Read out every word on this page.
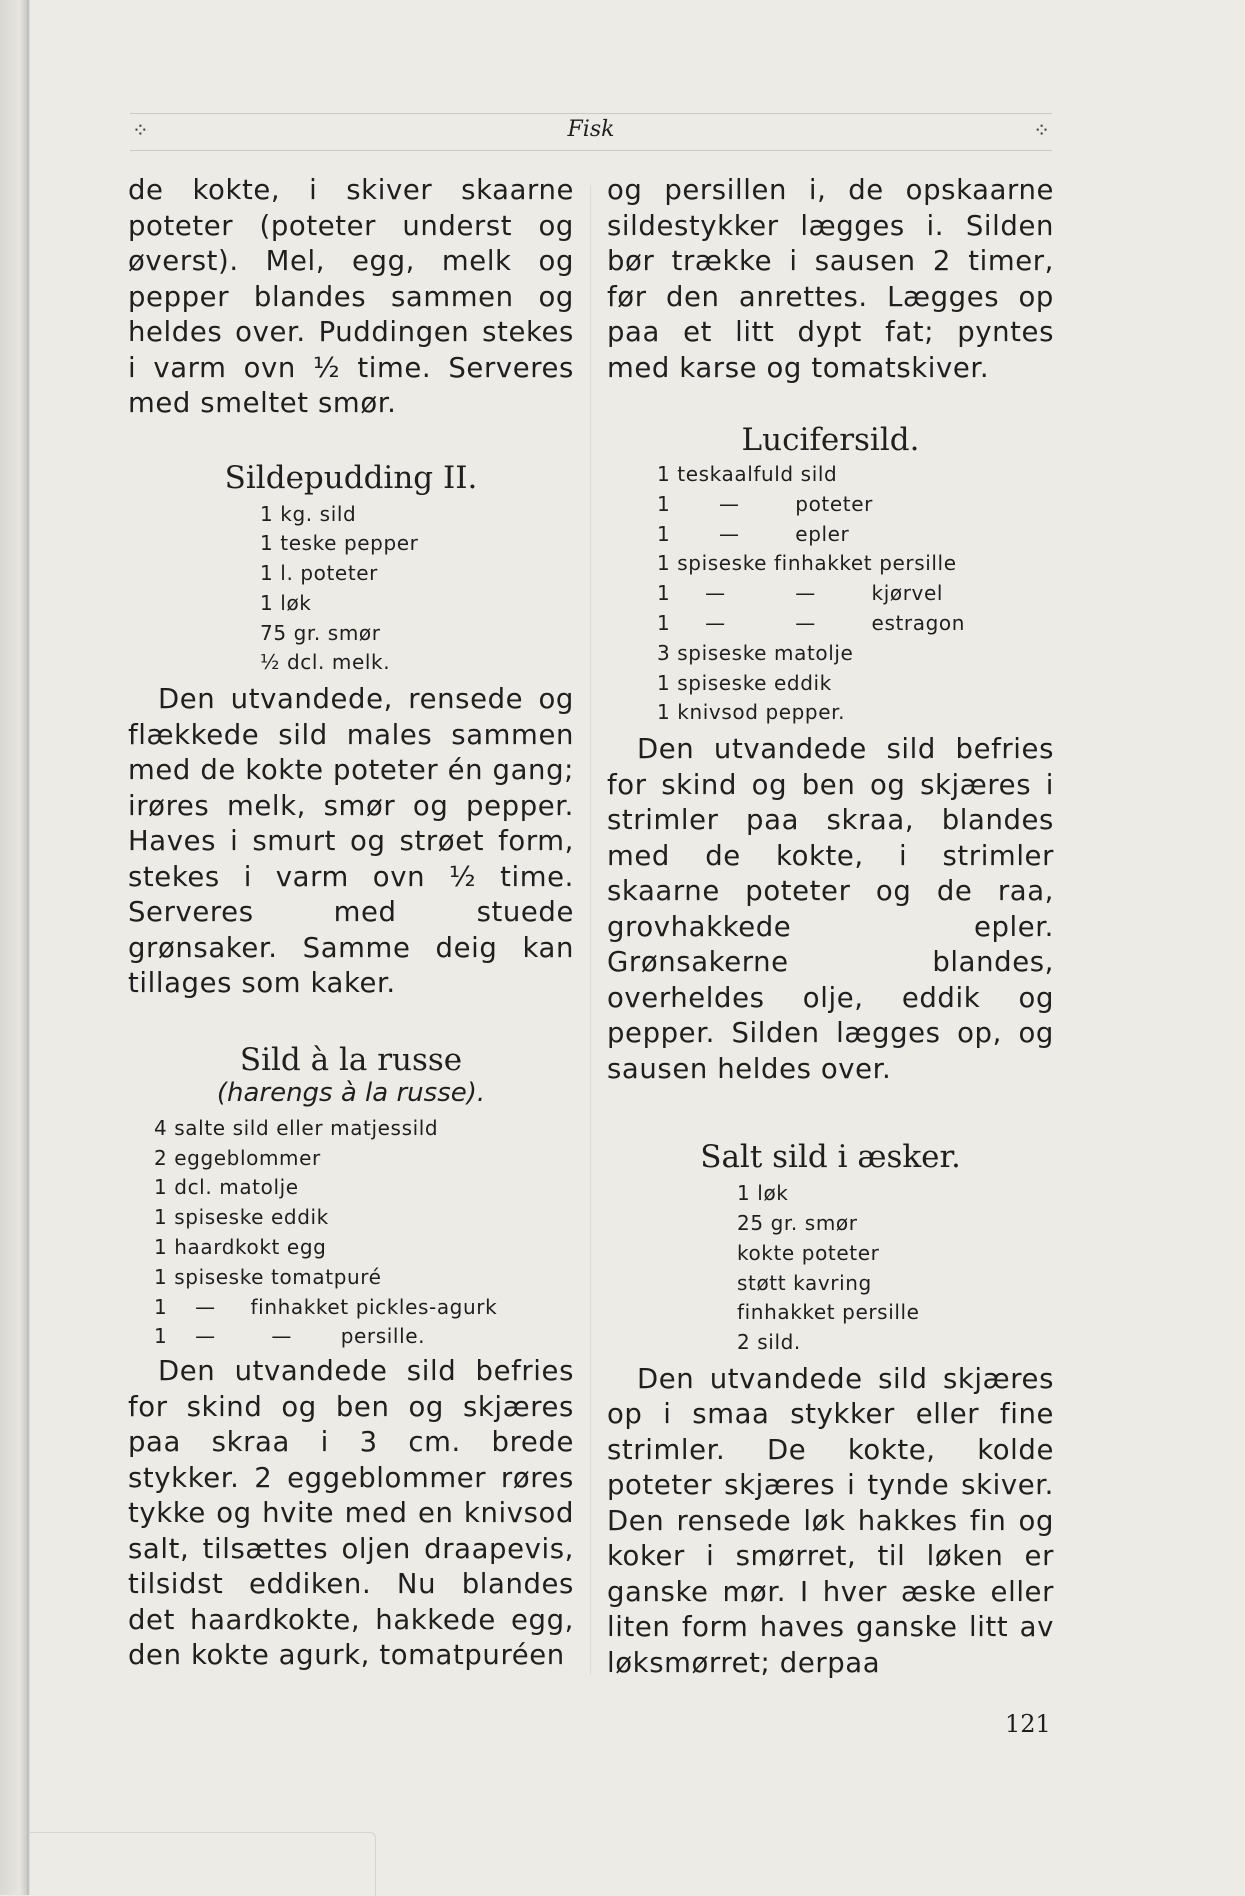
⁘	Fisk	⁘

de kokte, i skiver skaarne poteter (poteter underst og øverst). Mel, egg, melk og pepper blandes sammen og heldes over. Puddingen stekes i varm ovn ½ time. Serveres med smeltet smør.

Sildepudding II.
1 kg. sild
1 teske pepper
1 l. poteter
1 løk
75 gr. smør
½ dcl. melk.

Den utvandede, rensede og flækkede sild males sammen med de kokte poteter én gang; irøres melk, smør og pepper. Haves i smurt og strøet form, stekes i varm ovn ½ time. Serveres med stuede grønsaker. Samme deig kan tillages som kaker.

Sild à la russe
(harengs à la russe).
4 salte sild eller matjessild
2 eggeblommer
1 dcl. matolje
1 spiseske eddik
1 haardkokt egg
1 spiseske tomatpuré
1    —     finhakket pickles-agurk
1    —        —       persille.

Den utvandede sild befries for skind og ben og skjæres paa skraa i 3 cm. brede stykker. 2 eggeblommer røres tykke og hvite med en knivsod salt, tilsættes oljen draapevis, tilsidst eddiken. Nu blandes det haardkokte, hakkede egg, den kokte agurk, tomatpuréen

og persillen i, de opskaarne sildestykker lægges i. Silden bør trække i sausen 2 timer, før den anrettes. Lægges op paa et litt dypt fat; pyntes med karse og tomatskiver.

Lucifersild.
1 teskaalfuld sild
1       —        poteter
1       —        epler
1 spiseske finhakket persille
1     —          —        kjørvel
1     —          —        estragon
3 spiseske matolje
1 spiseske eddik
1 knivsod pepper.

Den utvandede sild befries for skind og ben og skjæres i strimler paa skraa, blandes med de kokte, i strimler skaarne poteter og de raa, grovhakkede epler. Grønsakerne blandes, overheldes olje, eddik og pepper. Silden lægges op, og sausen heldes over.

Salt sild i æsker.
1 løk
25 gr. smør
kokte poteter
støtt kavring
finhakket persille
2 sild.

Den utvandede sild skjæres op i smaa stykker eller fine strimler. De kokte, kolde poteter skjæres i tynde skiver. Den rensede løk hakkes fin og koker i smørret, til løken er ganske mør. I hver æske eller liten form haves ganske litt av løksmørret; derpaa

121
